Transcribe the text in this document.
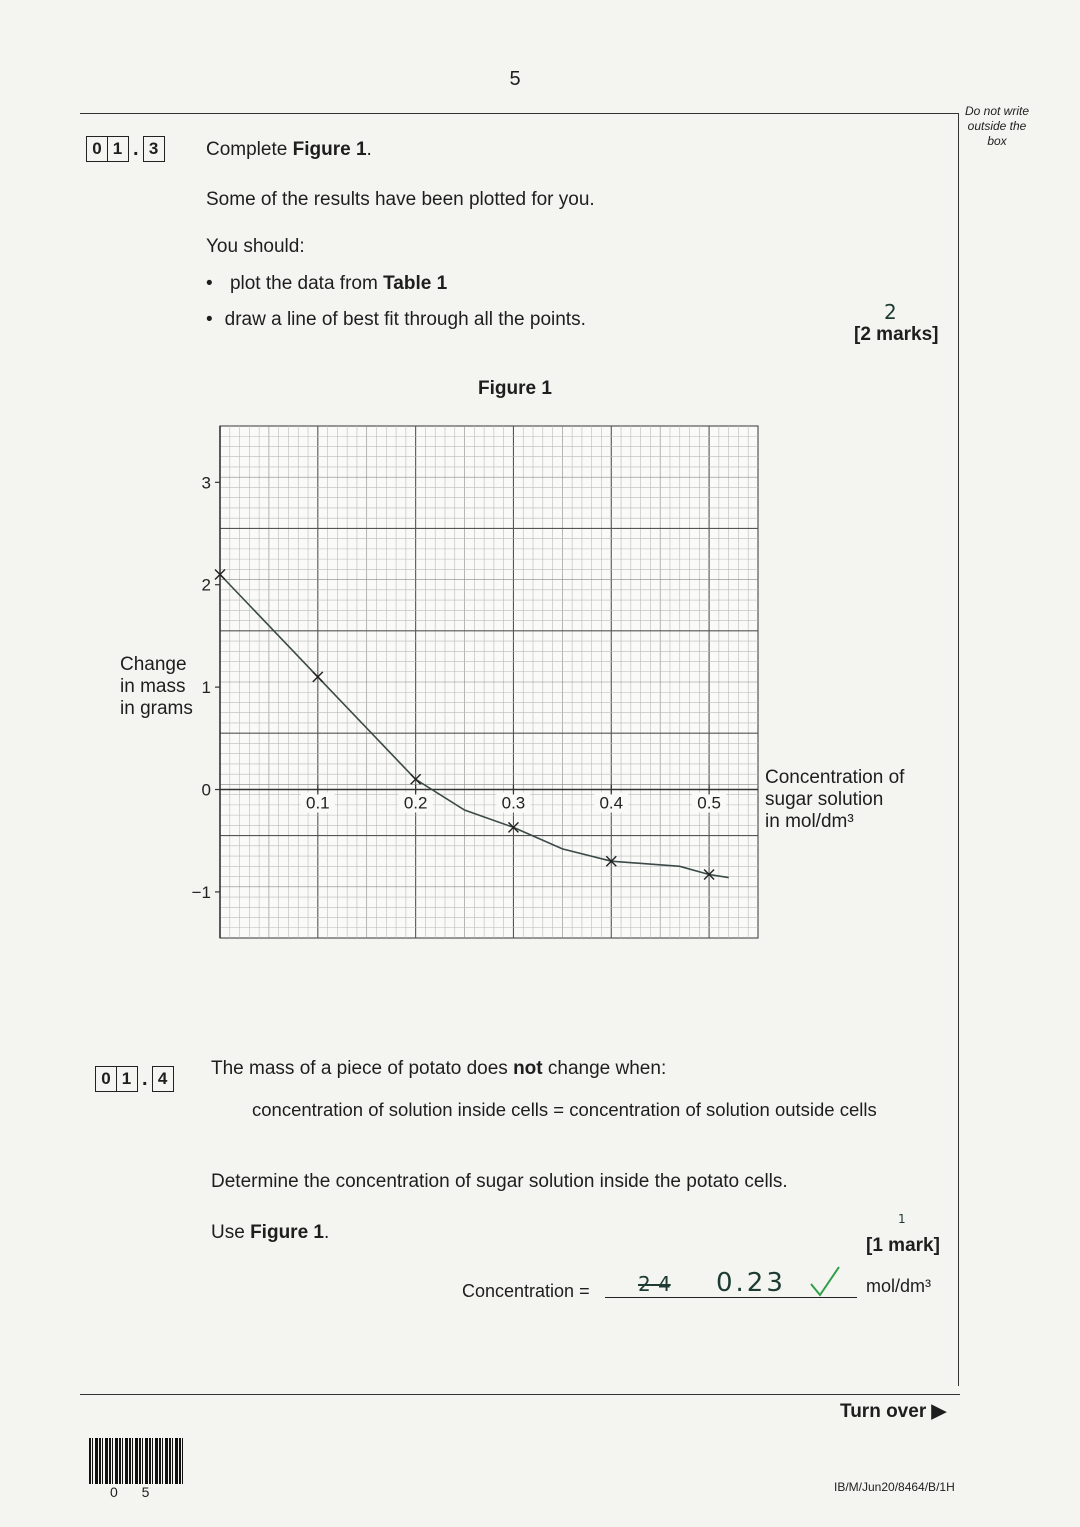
5
Do not write outside the box
0 1 . 3	Complete Figure 1.
Some of the results have been plotted for you.
You should:
• plot the data from Table 1
• draw a line of best fit through all the points.	2
[2 marks]
Figure 1
Change
in mass
in grams
Concentration of
sugar solution
in mol/dm³
0.1	0.2	0.3	0.4	0.5
3
2
1
0
−1
0 1 . 4	The mass of a piece of potato does not change when:
concentration of solution inside cells = concentration of solution outside cells
Determine the concentration of sugar solution inside the potato cells.
Use Figure 1.
1
[1 mark]
Concentration = 2-4 0.23	mol/dm³
Turn over ▶
0 5	IB/M/Jun20/8464/B/1H
